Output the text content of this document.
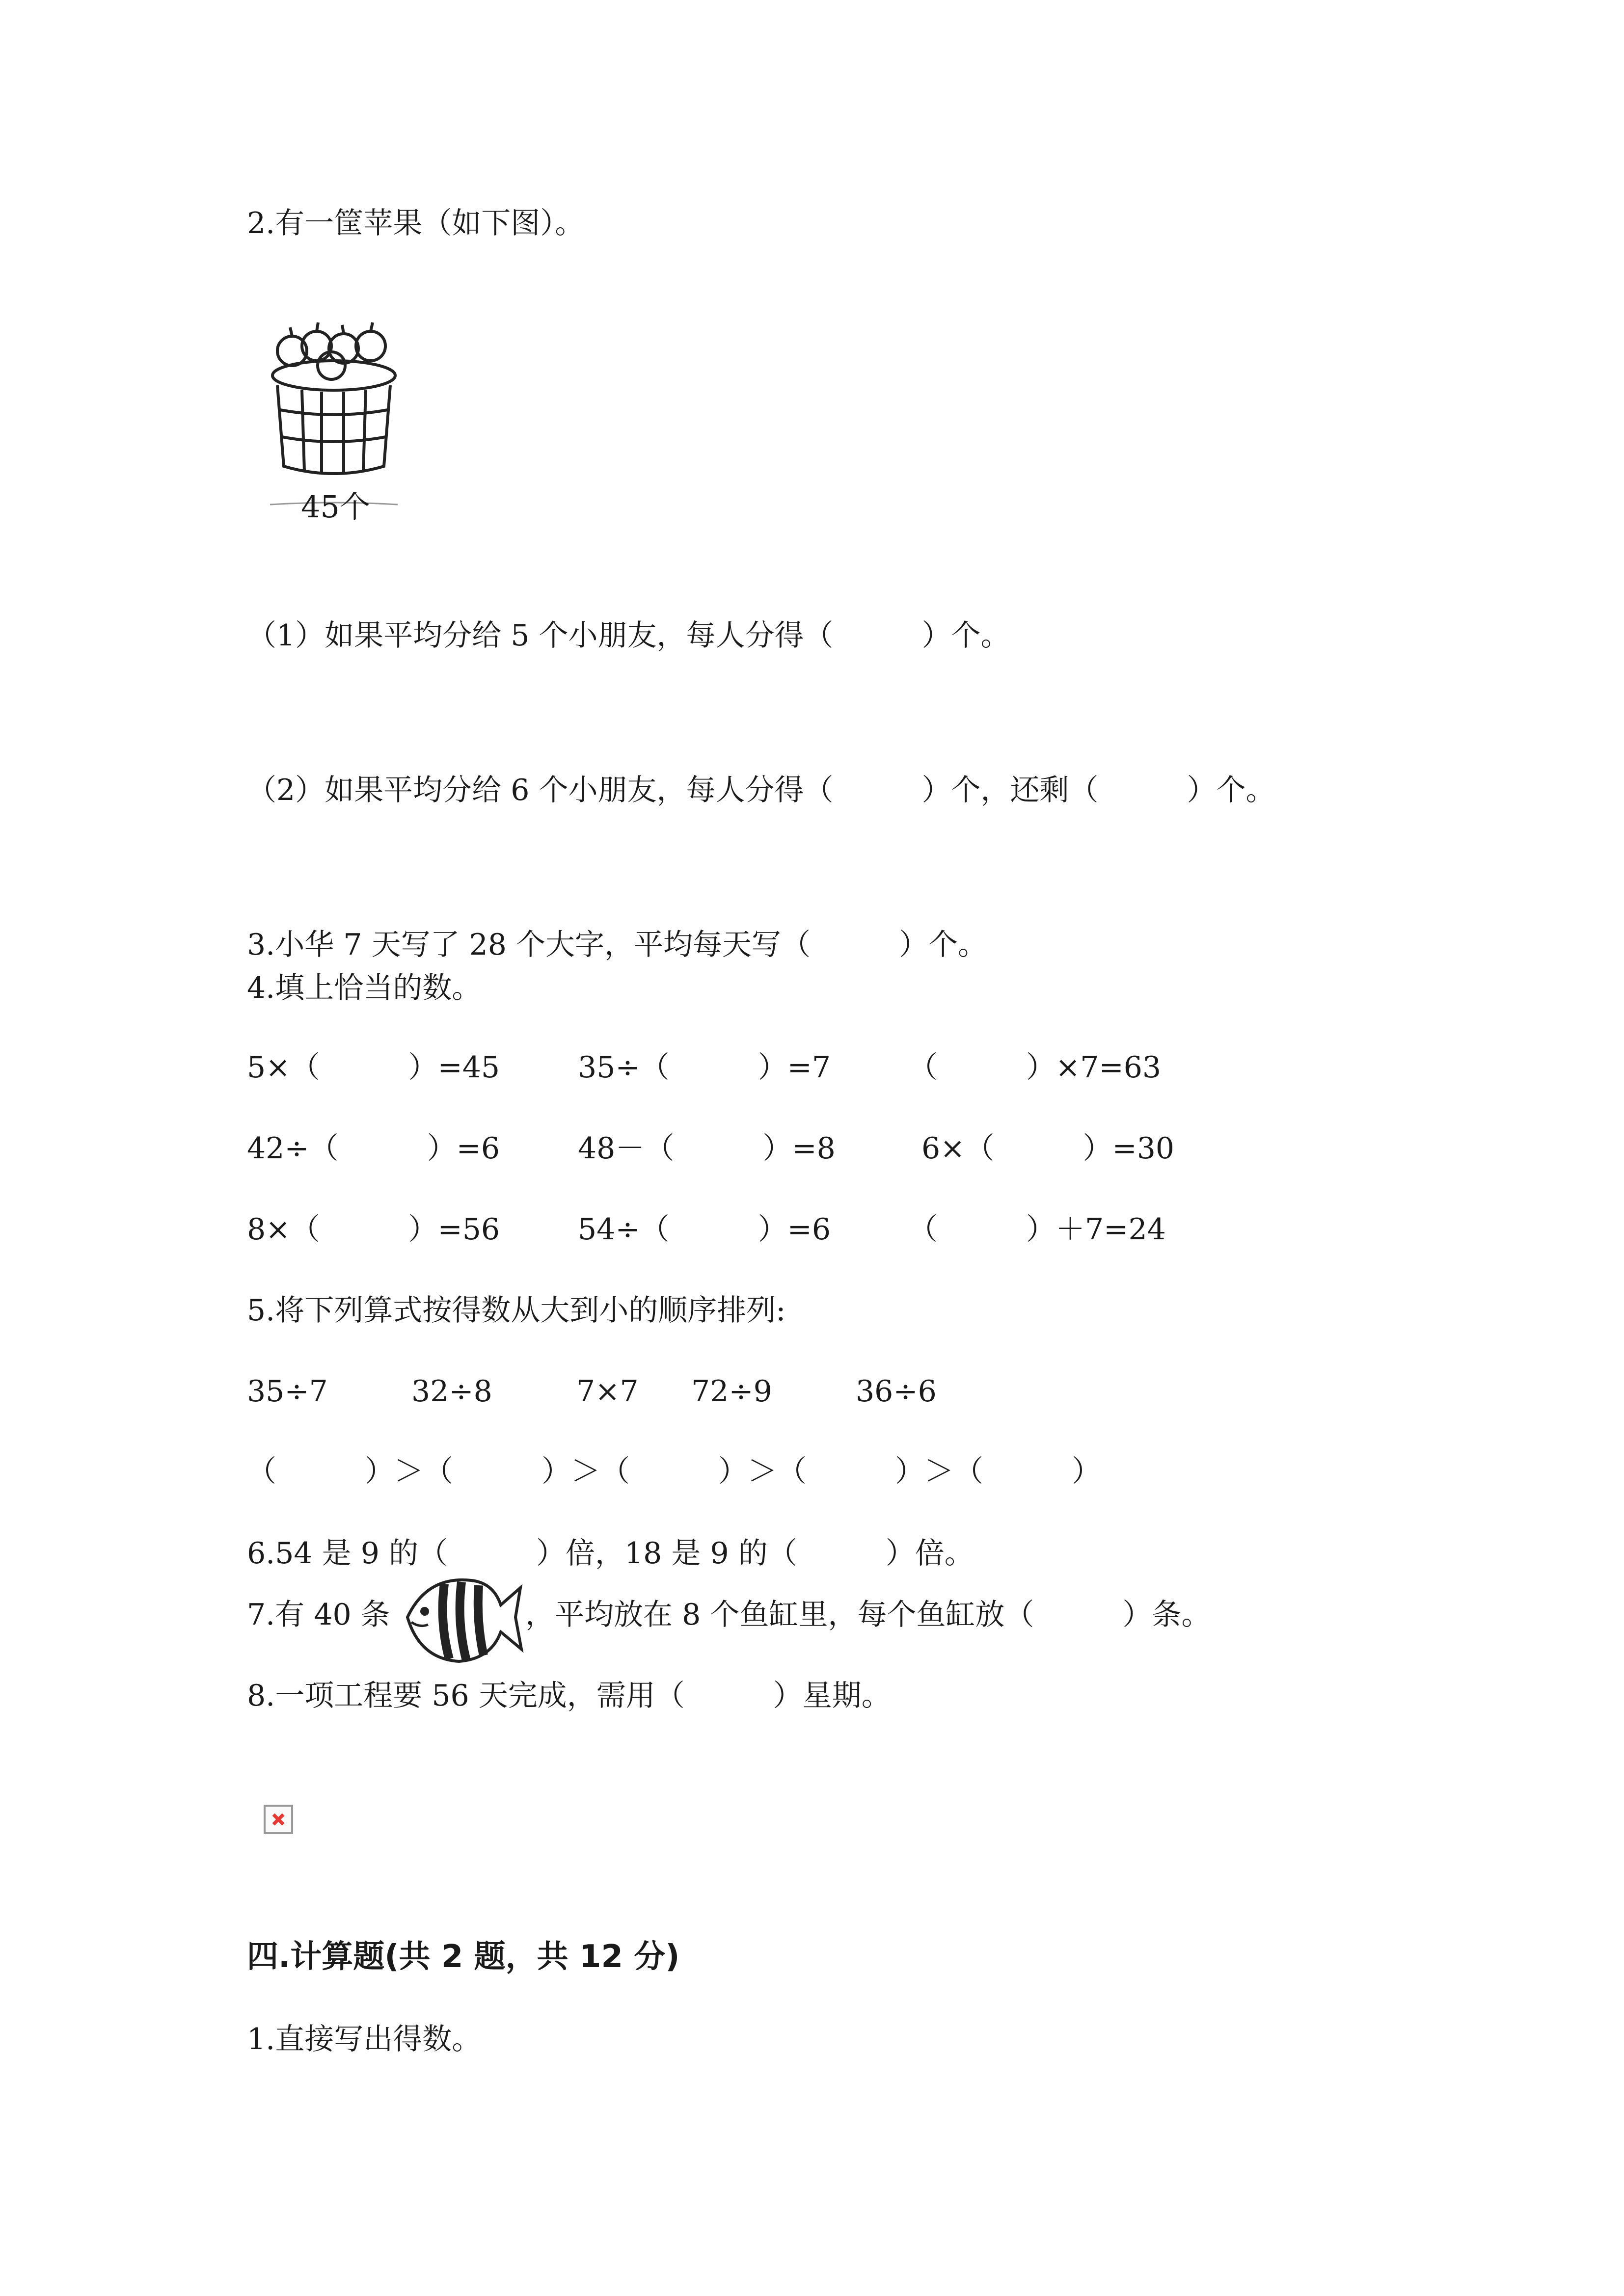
2.有一筐苹果（如下图）。
45个
（1）如果平均分给 5 个小朋友，每人分得（　　　）个。
（2）如果平均分给 6 个小朋友，每人分得（　　　）个，还剩（　　　）个。
3.小华 7 天写了 28 个大字，平均每天写（　　　）个。
4.填上恰当的数。
5×（　　　）=45	35÷（　　　）=7	（　　　）×7=63
42÷（　　　）=6	48－（　　　）=8	6×（　　　）=30
8×（　　　）=56	54÷（　　　）=6	（　　　）＋7=24
5.将下列算式按得数从大到小的顺序排列:
35÷7	32÷8	7×7 72÷9	36÷6
（　　　）＞（　　　）＞（　　　）＞（　　　）＞（　　　）
6.54 是 9 的（　　　）倍，18 是 9 的（　　　）倍。
7.有 40 条	，平均放在 8 个鱼缸里，每个鱼缸放（　　　）条。
8.一项工程要 56 天完成，需用（　　　）星期。
四.计算题(共 2 题，共 12 分)
1.直接写出得数。
